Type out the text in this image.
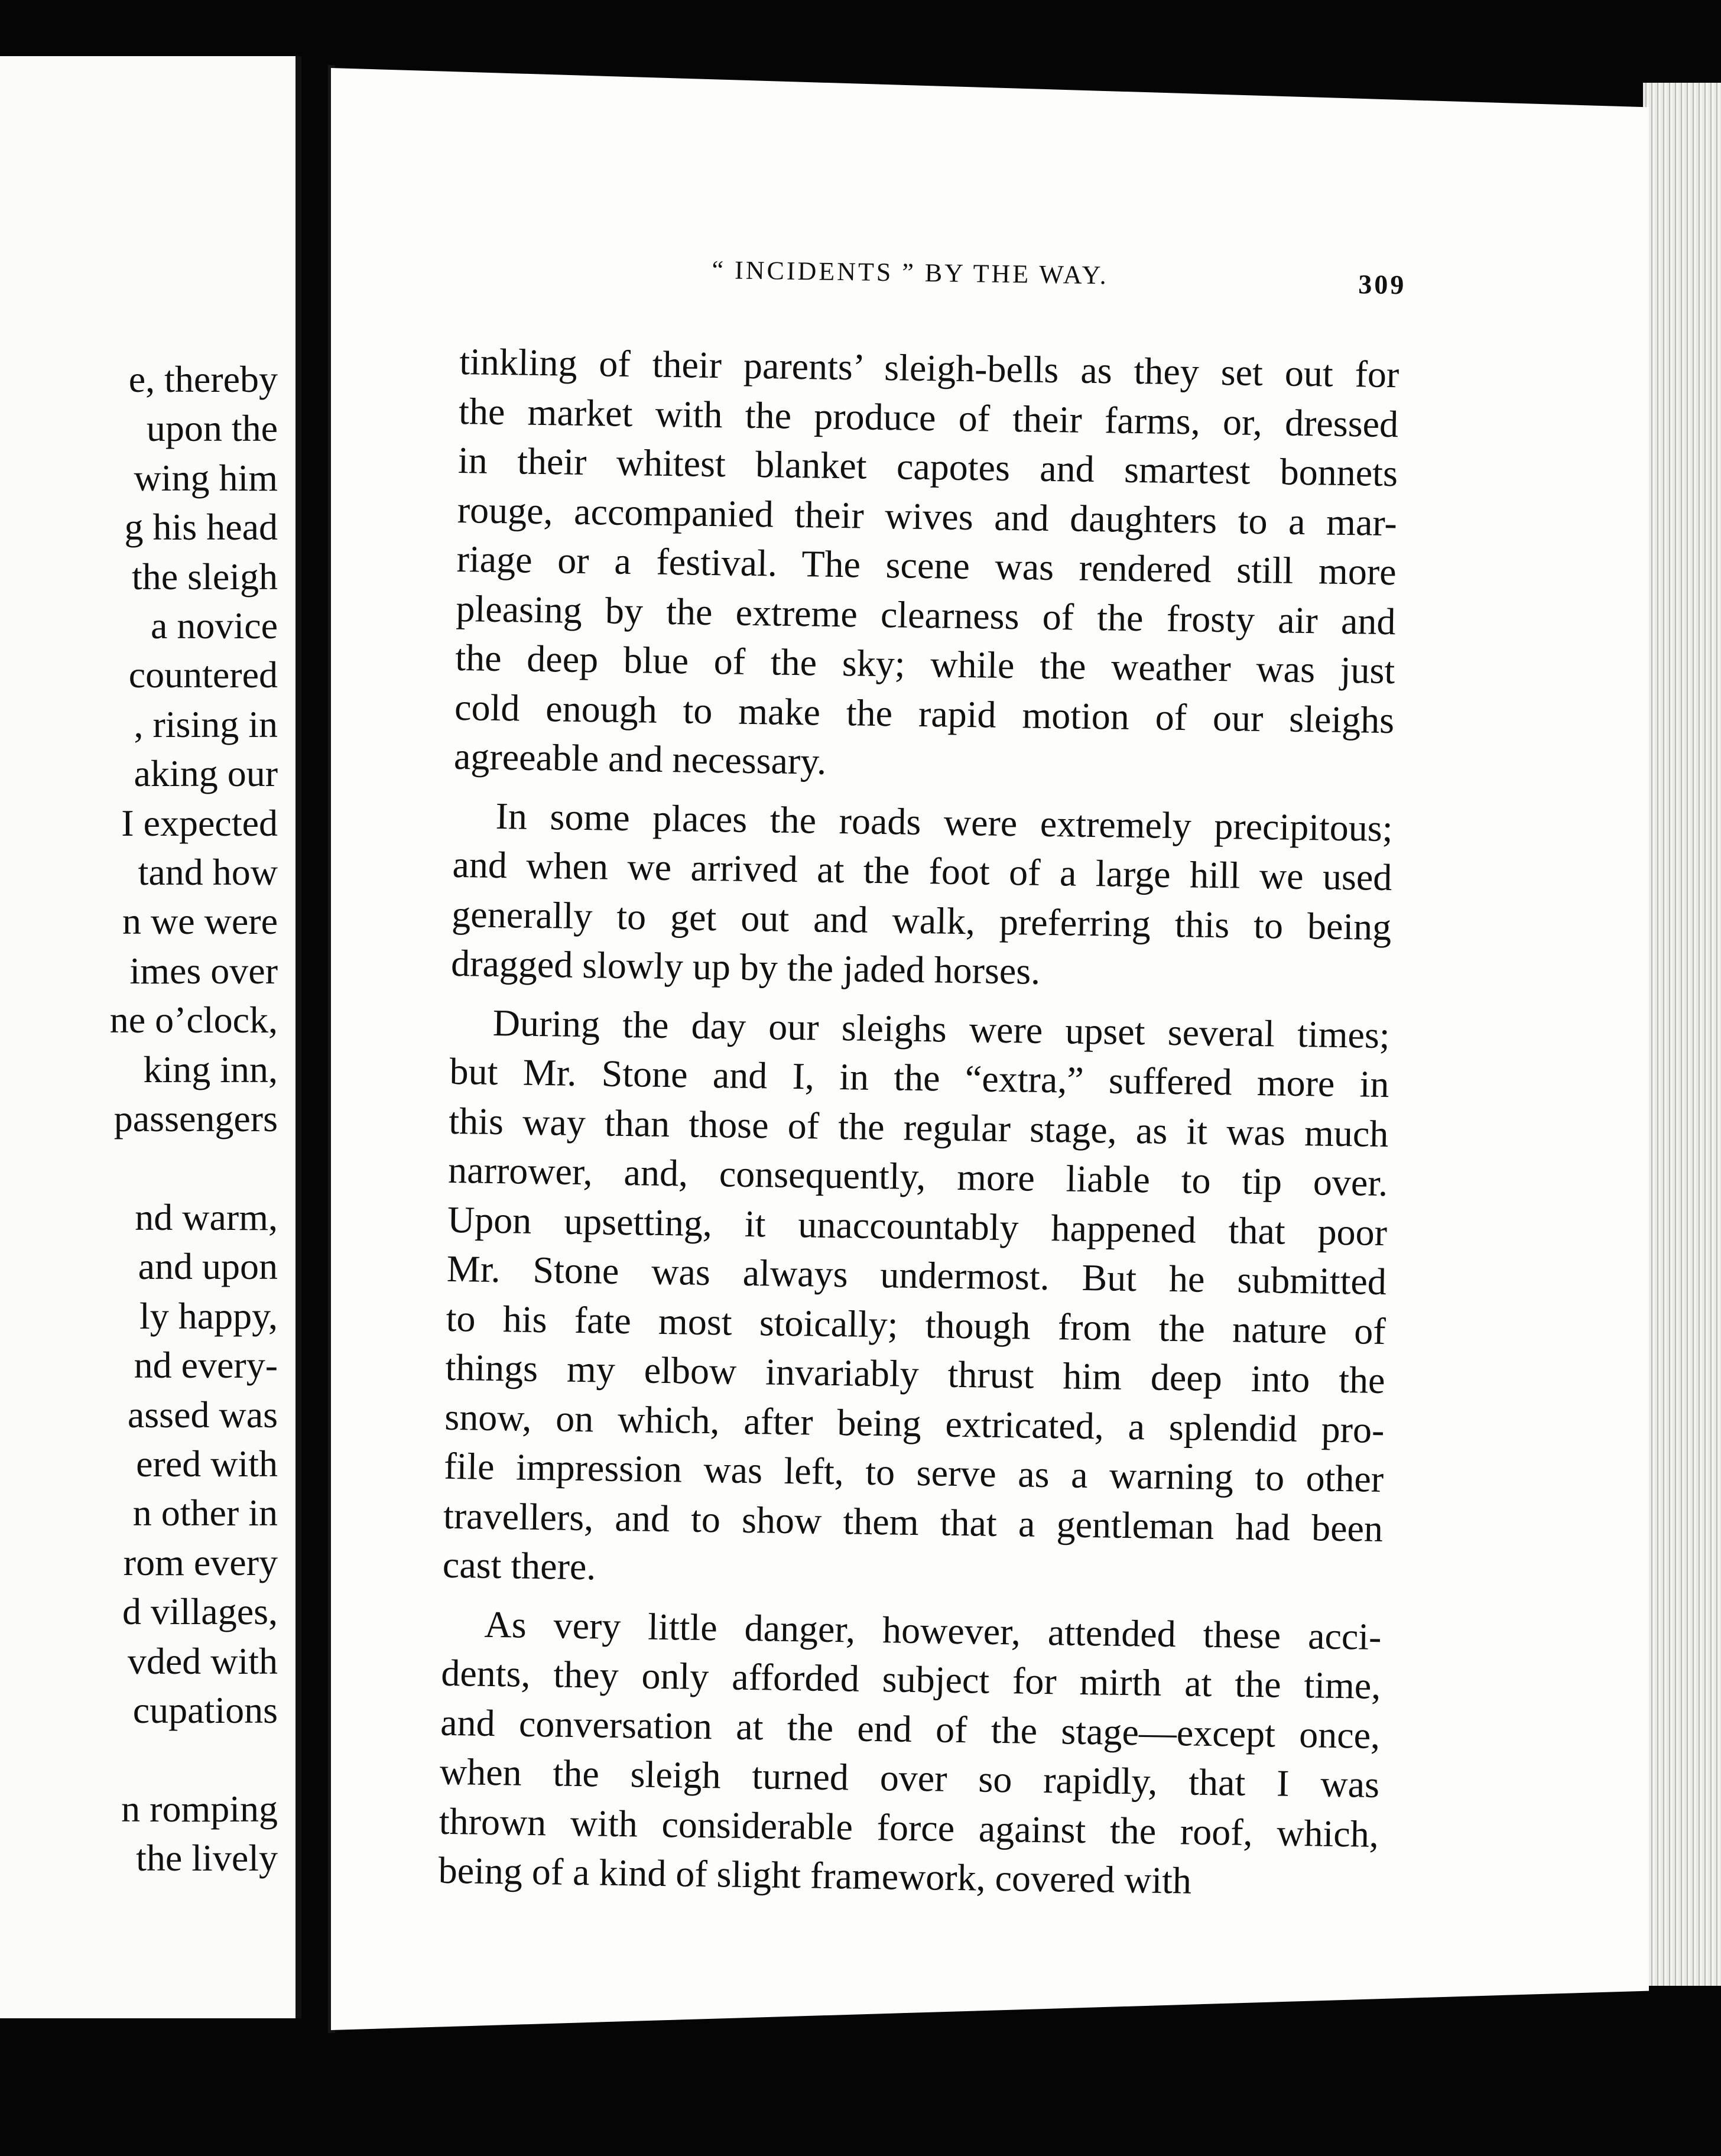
e, thereby
upon the
wing him
g his head
the sleigh
a novice
countered
, rising in
aking our
I expected
tand how
n we were
imes over
ne o’clock,
king inn,
passengers
nd warm,
and upon
ly happy,
nd every-
assed was
ered with
n other in
rom every
d villages,
vded with
cupations
n romping
the lively
“ INCIDENTS ” BY THE WAY.	309
tinkling of their parents’ sleigh-bells as they set out for
the market with the produce of their farms, or, dressed
in their whitest blanket capotes and smartest bonnets
rouge, accompanied their wives and daughters to a mar-
riage or a festival. The scene was rendered still more
pleasing by the extreme clearness of the frosty air and
the deep blue of the sky; while the weather was just
cold enough to make the rapid motion of our sleighs
agreeable and necessary.
In some places the roads were extremely precipitous;
and when we arrived at the foot of a large hill we used
generally to get out and walk, preferring this to being
dragged slowly up by the jaded horses.
During the day our sleighs were upset several times;
but Mr. Stone and I, in the “extra,” suffered more in
this way than those of the regular stage, as it was much
narrower, and, consequently, more liable to tip over.
Upon upsetting, it unaccountably happened that poor
Mr. Stone was always undermost. But he submitted
to his fate most stoically; though from the nature of
things my elbow invariably thrust him deep into the
snow, on which, after being extricated, a splendid pro-
file impression was left, to serve as a warning to other
travellers, and to show them that a gentleman had been
cast there.
As very little danger, however, attended these acci-
dents, they only afforded subject for mirth at the time,
and conversation at the end of the stage—except once,
when the sleigh turned over so rapidly, that I was
thrown with considerable force against the roof, which,
being of a kind of slight framework, covered with
